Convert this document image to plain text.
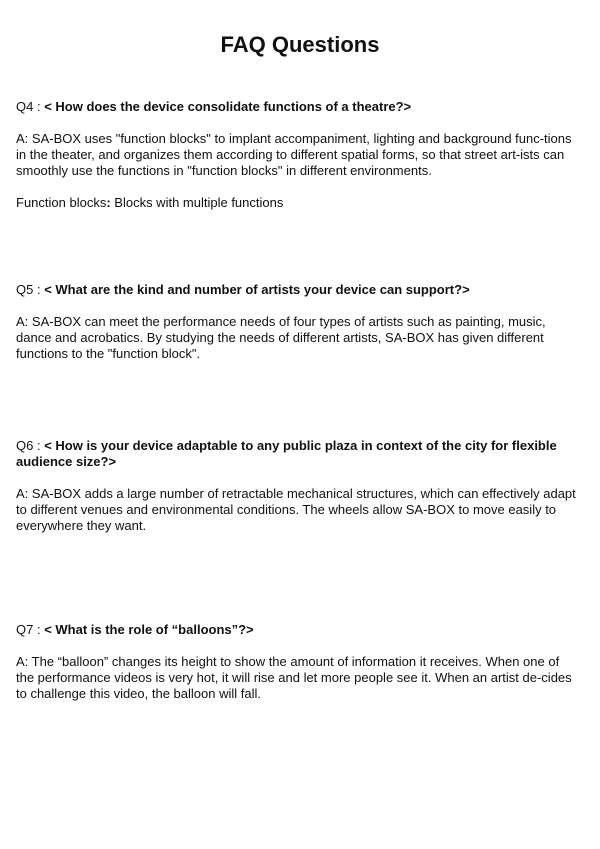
FAQ Questions

Q4 : < How does the device consolidate functions of a theatre?>

A: SA-BOX uses "function blocks" to implant accompaniment, lighting and background func-tions in the theater, and organizes them according to different spatial forms, so that street art-ists can smoothly use the functions in "function blocks" in different environments.

Function blocks: Blocks with multiple functions

Q5 : < What are the kind and number of artists your device can support?>

A: SA-BOX can meet the performance needs of four types of artists such as painting, music, dance and acrobatics. By studying the needs of different artists, SA-BOX has given different functions to the "function block".

Q6 : < How is your device adaptable to any public plaza in context of the city for flexible audience size?>

A: SA-BOX adds a large number of retractable mechanical structures, which can effectively adapt to different venues and environmental conditions. The wheels allow SA-BOX to move easily to everywhere they want.

Q7 : < What is the role of “balloons”?>

A: The “balloon” changes its height to show the amount of information it receives. When one of the performance videos is very hot, it will rise and let more people see it. When an artist de-cides to challenge this video, the balloon will fall.
